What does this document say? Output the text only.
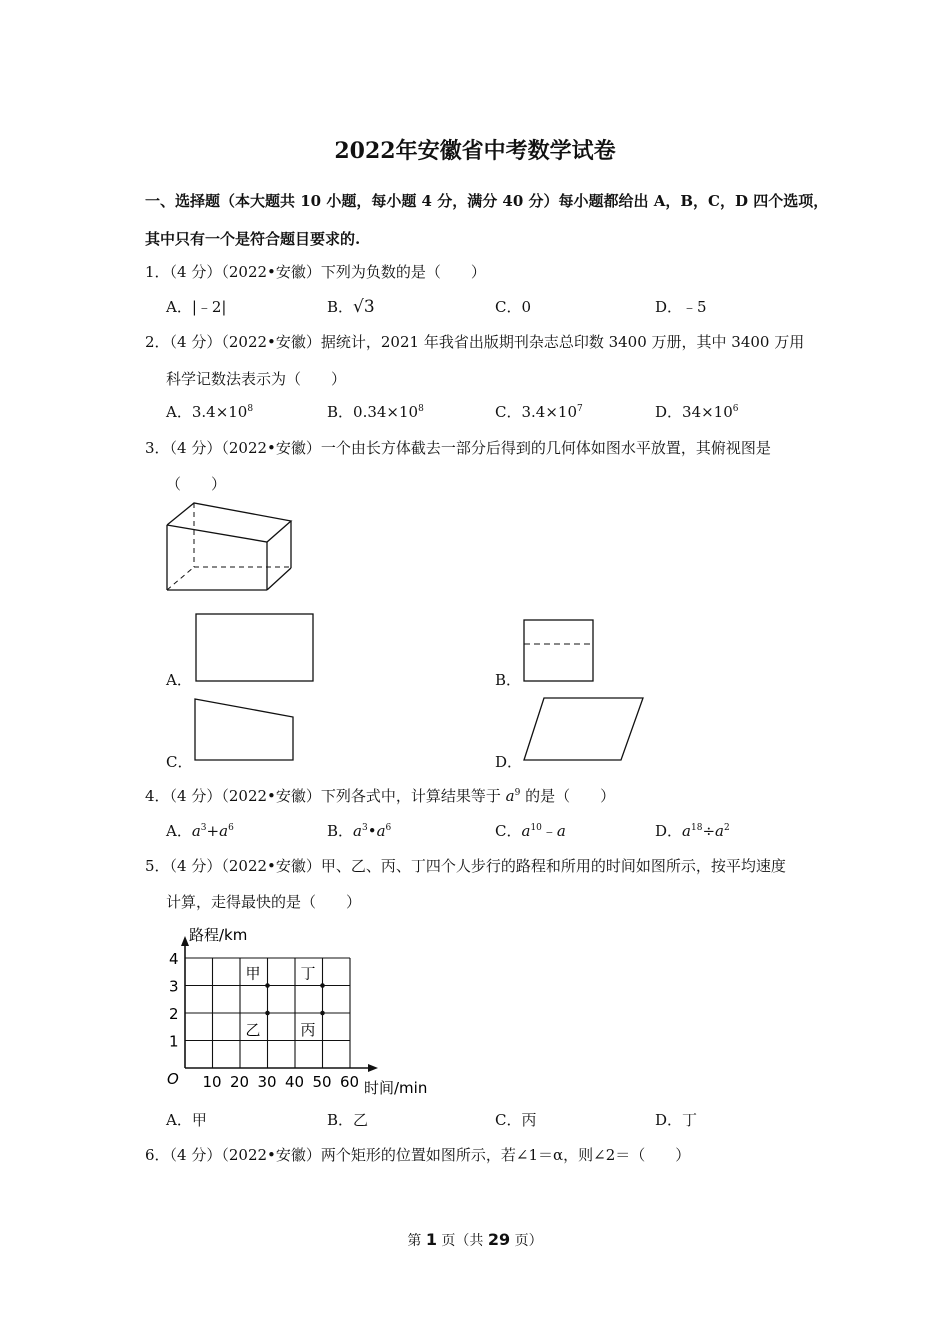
2022年安徽省中考数学试卷
一、选择题（本大题共 10 小题，每小题 4 分，满分 40 分）每小题都给出 A，B，C，D 四个选项，
其中只有一个是符合题目要求的.
1．（4 分）（2022•安徽）下列为负数的是（　　）
A．|﹣2|	B．√3	C．0	D．﹣5
2．（4 分）（2022•安徽）据统计，2021 年我省出版期刊杂志总印数 3400 万册，其中 3400 万用
科学记数法表示为（　　）
A．$3.4\times 10^8$	B．$0.34\times 10^8$	C．$3.4\times 10^7$	D．$34\times 10^6$
3．（4 分）（2022•安徽）一个由长方体截去一部分后得到的几何体如图水平放置，其俯视图是
（　　）
A．	B．
C．	D．
4．（4 分）（2022•安徽）下列各式中，计算结果等于 $a^9$ 的是（　　）
A．$a^3+a^6$	B．$a^3•a^6$	C．$a^{10}﹣a$	D．$a^{18}\div a^2$
5．（4 分）（2022•安徽）甲、乙、丙、丁四个人步行的路程和所用的时间如图所示，按平均速度
计算，走得最快的是（　　）
10 20 30 40 50 60
1
2
3
4
甲
乙	丙
丁
路程/km
时间/min
O
A．甲	B．乙	C．丙	D．丁
6．（4 分）（2022•安徽）两个矩形的位置如图所示，若∠1＝α，则∠2＝（　　）
第 1 页（共 29 页）
